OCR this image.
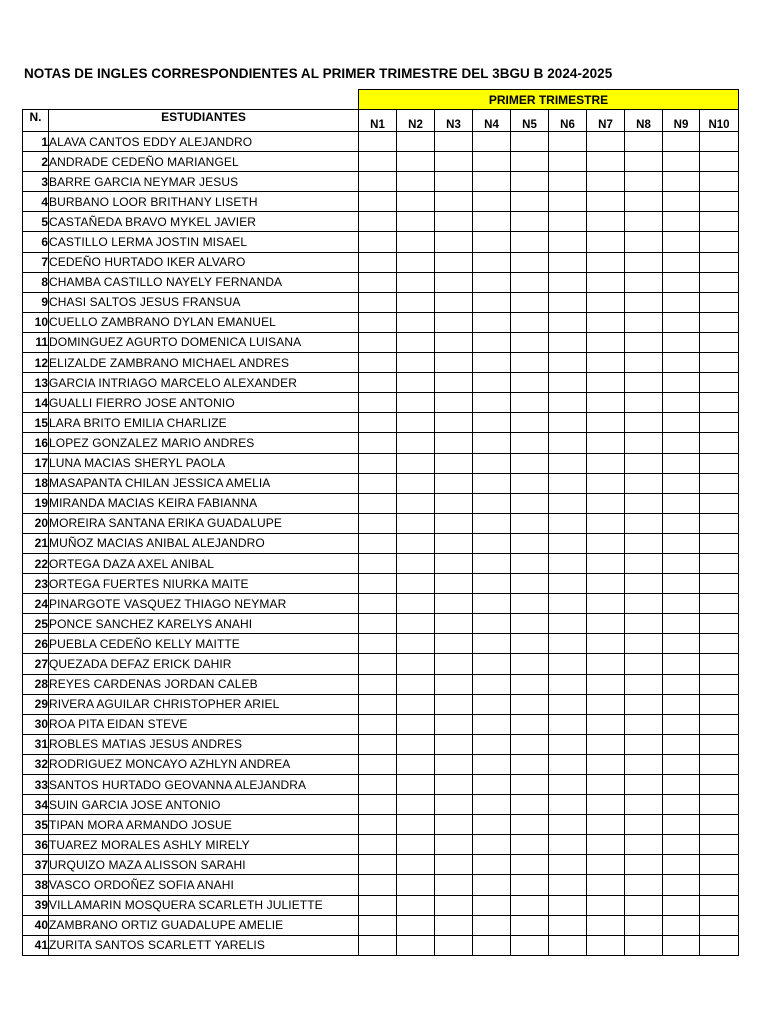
NOTAS DE INGLES CORRESPONDIENTES AL PRIMER TRIMESTRE DEL 3BGU B 2024-2025
		PRIMER TRIMESTRE									
N.	ESTUDIANTES	N1	N2	N3	N4	N5	N6	N7	N8	N9	N10
1	ALAVA CANTOS EDDY ALEJANDRO										
2	ANDRADE CEDEÑO MARIANGEL										
3	BARRE GARCIA NEYMAR JESUS										
4	BURBANO LOOR BRITHANY LISETH										
5	CASTAÑEDA BRAVO MYKEL JAVIER										
6	CASTILLO LERMA JOSTIN MISAEL										
7	CEDEÑO HURTADO IKER ALVARO										
8	CHAMBA CASTILLO NAYELY FERNANDA										
9	CHASI SALTOS JESUS FRANSUA										
10	CUELLO ZAMBRANO DYLAN EMANUEL										
11	DOMINGUEZ AGURTO DOMENICA LUISANA										
12	ELIZALDE ZAMBRANO MICHAEL ANDRES										
13	GARCIA INTRIAGO MARCELO ALEXANDER										
14	GUALLI FIERRO JOSE ANTONIO										
15	LARA BRITO EMILIA CHARLIZE										
16	LOPEZ GONZALEZ MARIO ANDRES										
17	LUNA MACIAS SHERYL PAOLA										
18	MASAPANTA CHILAN JESSICA AMELIA										
19	MIRANDA MACIAS KEIRA FABIANNA										
20	MOREIRA SANTANA ERIKA GUADALUPE										
21	MUÑOZ MACIAS ANIBAL ALEJANDRO										
22	ORTEGA DAZA AXEL ANIBAL										
23	ORTEGA FUERTES NIURKA MAITE										
24	PINARGOTE VASQUEZ THIAGO NEYMAR										
25	PONCE SANCHEZ KARELYS ANAHI										
26	PUEBLA CEDEÑO KELLY MAITTE										
27	QUEZADA DEFAZ ERICK DAHIR										
28	REYES CARDENAS JORDAN CALEB										
29	RIVERA AGUILAR CHRISTOPHER ARIEL										
30	ROA PITA EIDAN STEVE										
31	ROBLES MATIAS JESUS ANDRES										
32	RODRIGUEZ MONCAYO AZHLYN ANDREA										
33	SANTOS HURTADO GEOVANNA ALEJANDRA										
34	SUIN GARCIA JOSE ANTONIO										
35	TIPAN MORA ARMANDO JOSUE										
36	TUAREZ MORALES ASHLY MIRELY										
37	URQUIZO MAZA ALISSON SARAHI										
38	VASCO ORDOÑEZ SOFIA ANAHI										
39	VILLAMARIN MOSQUERA SCARLETH JULIETTE										
40	ZAMBRANO ORTIZ GUADALUPE AMELIE										
41	ZURITA SANTOS SCARLETT YARELIS										
